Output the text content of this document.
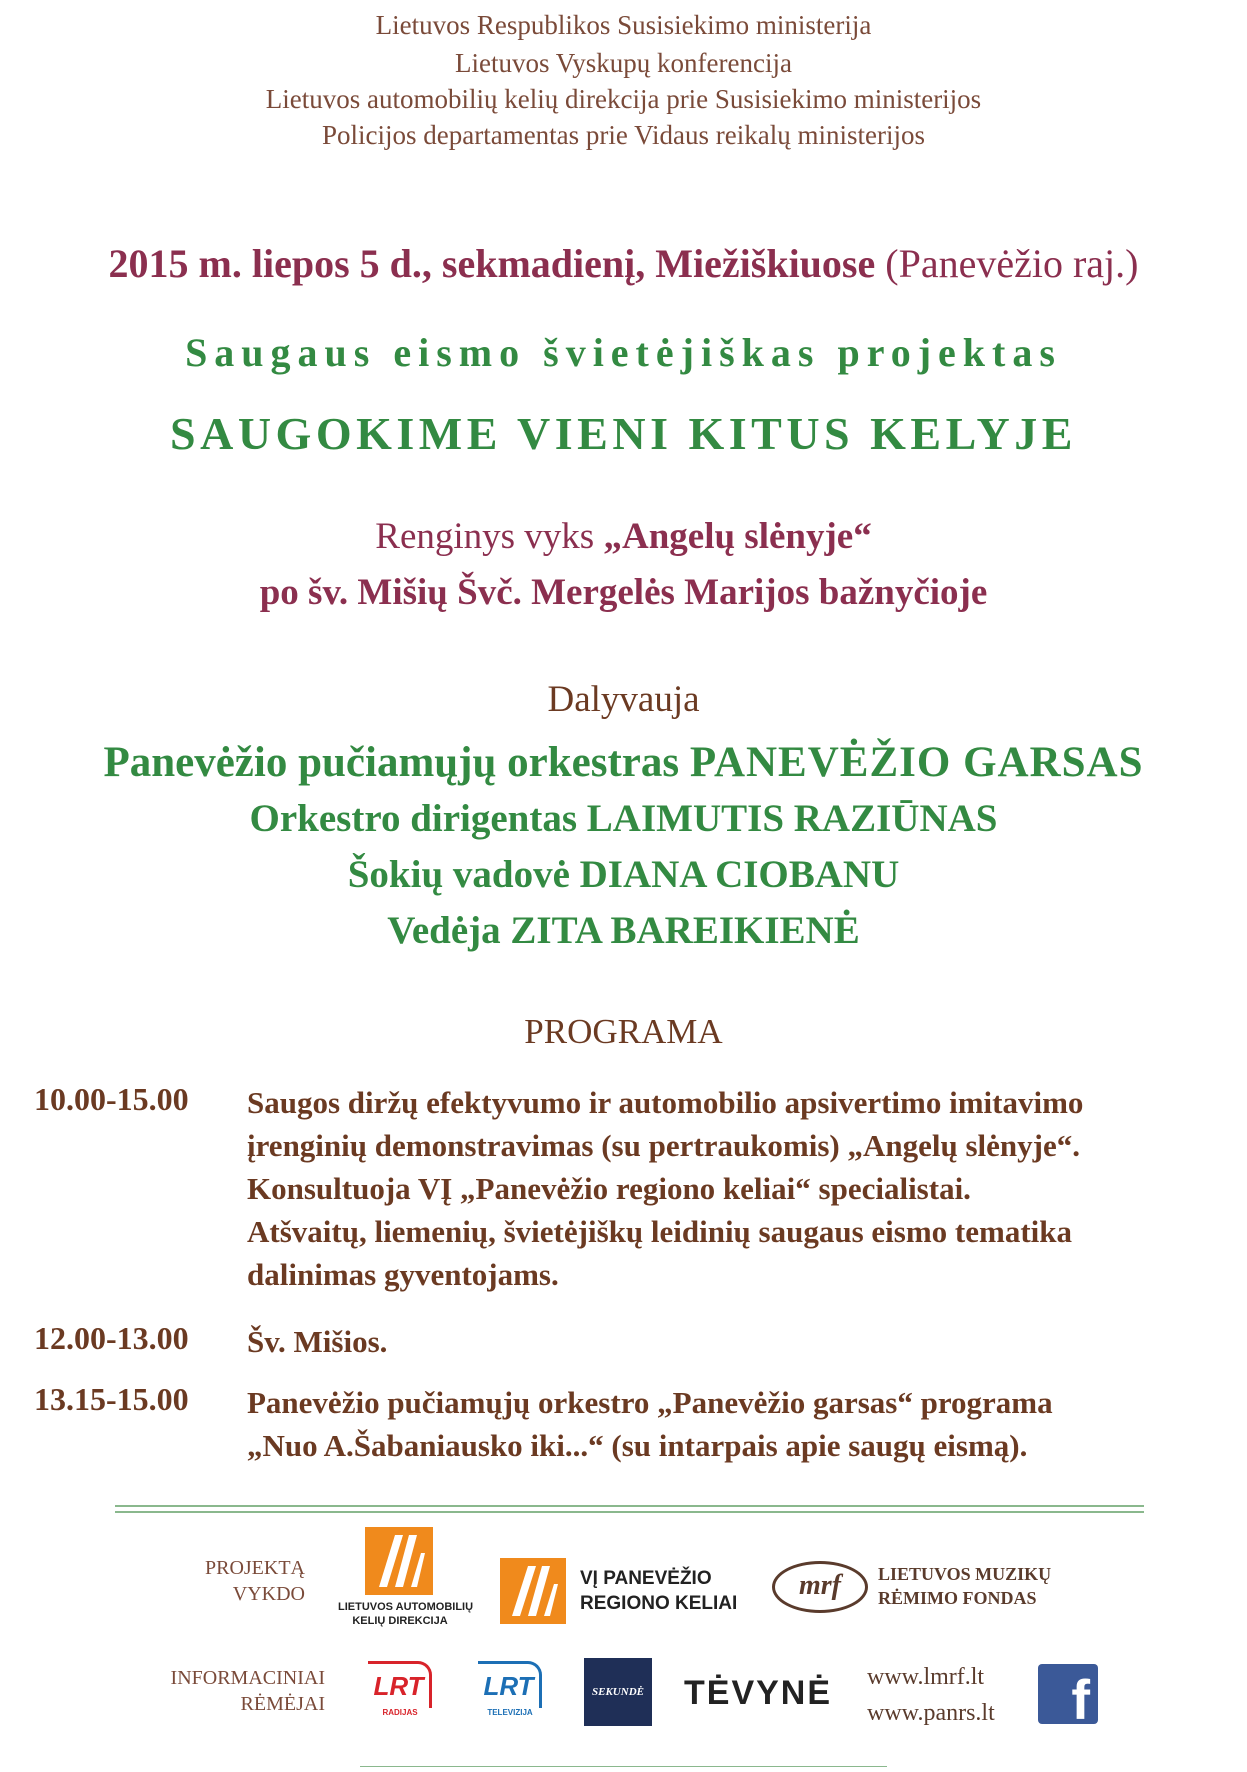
Lietuvos Respublikos Susisiekimo ministerija
Lietuvos Vyskupų konferencija
Lietuvos automobilių kelių direkcija prie Susisiekimo ministerijos
Policijos departamentas prie Vidaus reikalų ministerijos
2015 m. liepos 5 d., sekmadienį, Miežiškiuose (Panevėžio raj.)
Saugaus eismo švietėjiškas projektas
SAUGOKIME VIENI KITUS KELYJE
Renginys vyks „Angelų slėnyje“
po šv. Mišių Švč. Mergelės Marijos bažnyčioje
Dalyvauja
Panevėžio pučiamųjų orkestras PANEVĖŽIO GARSAS
Orkestro dirigentas LAIMUTIS RAZIŪNAS
Šokių vadovė DIANA CIOBANU
Vedėja ZITA BAREIKIENĖ
PROGRAMA
10.00-15.00	Saugos diržų efektyvumo ir automobilio apsivertimo imitavimo
įrenginių demonstravimas (su pertraukomis) „Angelų slėnyje“.
Konsultuoja VĮ „Panevėžio regiono keliai“ specialistai.
Atšvaitų, liemenių, švietėjiškų leidinių saugaus eismo tematika
dalinimas gyventojams.
12.00-13.00	Šv. Mišios.
13.15-15.00	Panevėžio pučiamųjų orkestro „Panevėžio garsas“ programa
„Nuo A.Šabaniausko iki...“ (su intarpais apie saugų eismą).
PROJEKTĄ
VYKDO
LIETUVOS AUTOMOBILIŲ
KELIŲ DIREKCIJA
VĮ PANEVĖŽIO
REGIONO KELIAI
mrf	LIETUVOS MUZIKŲ
RĖMIMO FONDAS
INFORMACINIAI
RĖMĖJAI
LRT
RADIJAS
LRT
TELEVIZIJA
SEKUNDĖ TĖVYNĖ www.lmrf.lt
www.panrs.lt f
